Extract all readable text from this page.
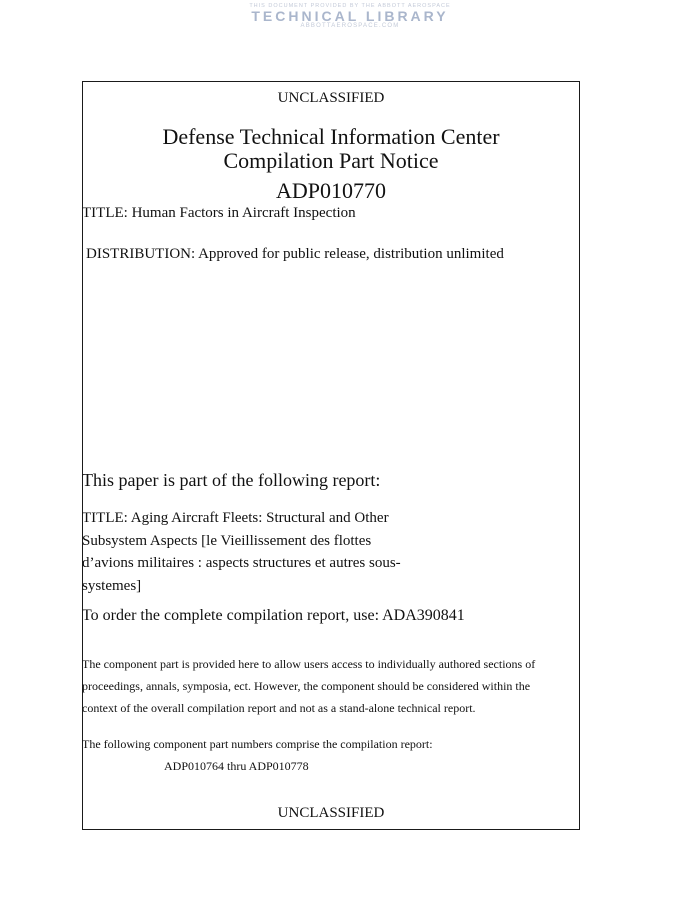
THIS DOCUMENT PROVIDED BY THE ABBOTT AEROSPACE
TECHNICAL LIBRARY
ABBOTTAEROSPACE.COM

UNCLASSIFIED

Defense Technical Information Center

Compilation Part Notice

ADP010770

TITLE: Human Factors in Aircraft Inspection

DISTRIBUTION: Approved for public release, distribution unlimited

This paper is part of the following report:

TITLE: Aging Aircraft Fleets: Structural and Other Subsystem Aspects [le Vieillissement des flottes d’avions militaires : aspects structures et autres sous-systemes]

To order the complete compilation report, use: ADA390841

The component part is provided here to allow users access to individually authored sections of proceedings, annals, symposia, ect. However, the component should be considered within the context of the overall compilation report and not as a stand-alone technical report.

The following component part numbers comprise the compilation report:

ADP010764 thru ADP010778

UNCLASSIFIED
